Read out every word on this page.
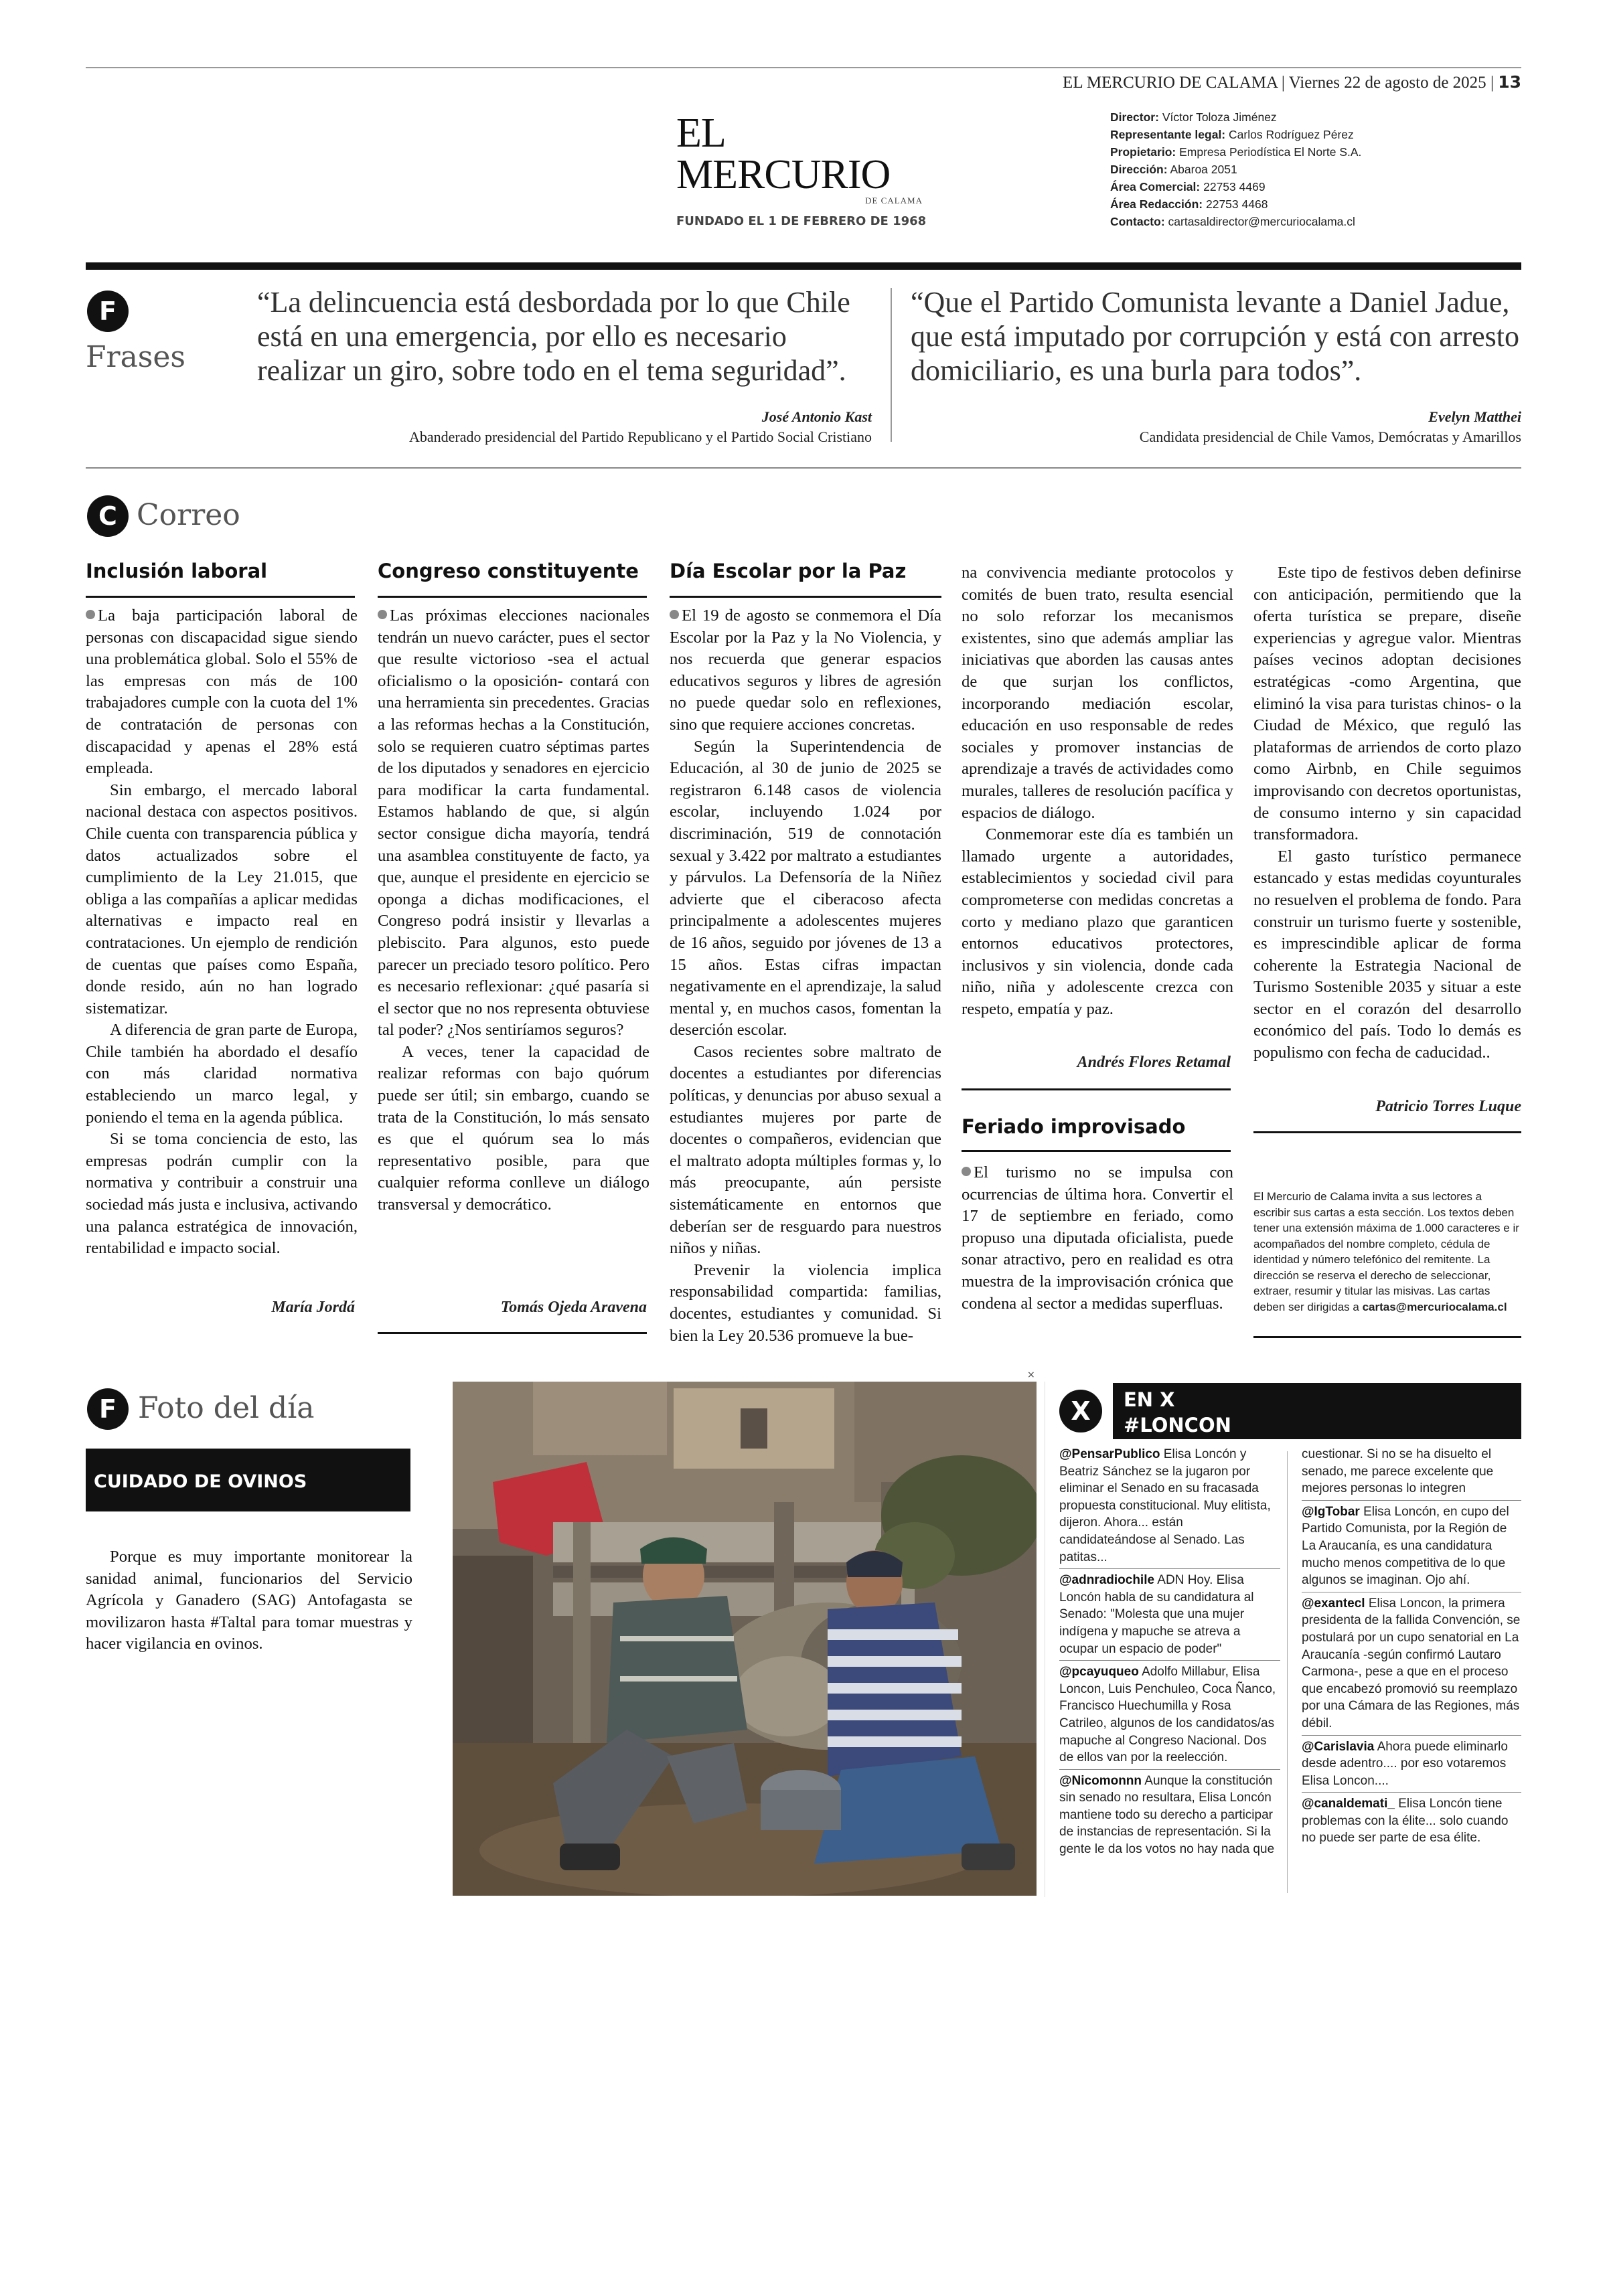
EL MERCURIO DE CALAMA | Viernes 22 de agosto de 2025 | 13
EL MERCURIO
DE CALAMA
FUNDADO EL 1 DE FEBRERO DE 1968
Director: Víctor Toloza Jiménez
Representante legal: Carlos Rodríguez Pérez
Propietario: Empresa Periodística El Norte S.A.
Dirección: Abaroa 2051
Área Comercial: 22753 4469
Área Redacción: 22753 4468
Contacto: cartasaldirector@mercuriocalama.cl
F
Frases
“La delincuencia está desbordada por lo que Chile está en una emergencia, por ello es necesario realizar un giro, sobre todo en el tema seguridad”.
José Antonio Kast
Abanderado presidencial del Partido Republicano y el Partido Social Cristiano
“Que el Partido Comunista levante a Daniel Jadue, que está imputado por corrupción y está con arresto domiciliario, es una burla para todos”.
Evelyn Matthei
Candidata presidencial de Chile Vamos, Demócratas y Amarillos
C Correo
Inclusión laboral

La baja participación laboral de personas con discapacidad sigue siendo una problemática global. Solo el 55% de las empresas con más de 100 trabajadores cumple con la cuota del 1% de contratación de personas con discapacidad y apenas el 28% está empleada.

Sin embargo, el mercado laboral nacional destaca con aspectos positivos. Chile cuenta con transparencia pública y datos actualizados sobre el cumplimiento de la Ley 21.015, que obliga a las compañías a aplicar medidas alternativas e impacto real en contrataciones. Un ejemplo de rendición de cuentas que países como España, donde resido, aún no han logrado sistematizar.

A diferencia de gran parte de Europa, Chile también ha abordado el desafío con más claridad normativa estableciendo un marco legal, y poniendo el tema en la agenda pública.

Si se toma conciencia de esto, las empresas podrán cumplir con la normativa y contribuir a construir una sociedad más justa e inclusiva, activando una palanca estratégica de innovación, rentabilidad e impacto social.

María Jordá
Congreso constituyente

Las próximas elecciones nacionales tendrán un nuevo carácter, pues el sector que resulte victorioso -sea el actual oficialismo o la oposición- contará con una herramienta sin precedentes. Gracias a las reformas hechas a la Constitución, solo se requieren cuatro séptimas partes de los diputados y senadores en ejercicio para modificar la carta fundamental. Estamos hablando de que, si algún sector consigue dicha mayoría, tendrá una asamblea constituyente de facto, ya que, aunque el presidente en ejercicio se oponga a dichas modificaciones, el Congreso podrá insistir y llevarlas a plebiscito. Para algunos, esto puede parecer un preciado tesoro político. Pero es necesario reflexionar: ¿qué pasaría si el sector que no nos representa obtuviese tal poder? ¿Nos sentiríamos seguros?

A veces, tener la capacidad de realizar reformas con bajo quórum puede ser útil; sin embargo, cuando se trata de la Constitución, lo más sensato es que el quórum sea lo más representativo posible, para que cualquier reforma conlleve un diálogo transversal y democrático.

Tomás Ojeda Aravena
Día Escolar por la Paz

El 19 de agosto se conmemora el Día Escolar por la Paz y la No Violencia, y nos recuerda que generar espacios educativos seguros y libres de agresión no puede quedar solo en reflexiones, sino que requiere acciones concretas.

Según la Superintendencia de Educación, al 30 de junio de 2025 se registraron 6.148 casos de violencia escolar, incluyendo 1.024 por discriminación, 519 de connotación sexual y 3.422 por maltrato a estudiantes y párvulos. La Defensoría de la Niñez advierte que el ciberacoso afecta principalmente a adolescentes mujeres de 16 años, seguido por jóvenes de 13 a 15 años. Estas cifras impactan negativamente en el aprendizaje, la salud mental y, en muchos casos, fomentan la deserción escolar.

Casos recientes sobre maltrato de docentes a estudiantes por diferencias políticas, y denuncias por abuso sexual a estudiantes mujeres por parte de docentes o compañeros, evidencian que el maltrato adopta múltiples formas y, lo más preocupante, aún persiste sistemáticamente en entornos que deberían ser de resguardo para nuestros niños y niñas.

Prevenir la violencia implica responsabilidad compartida: familias, docentes, estudiantes y comunidad. Si bien la Ley 20.536 promueve la bue-

na convivencia mediante protocolos y comités de buen trato, resulta esencial no solo reforzar los mecanismos existentes, sino que además ampliar las iniciativas que aborden las causas antes de que surjan los conflictos, incorporando mediación escolar, educación en uso responsable de redes sociales y promover instancias de aprendizaje a través de actividades como murales, talleres de resolución pacífica y espacios de diálogo.

Conmemorar este día es también un llamado urgente a autoridades, establecimientos y sociedad civil para comprometerse con medidas concretas a corto y mediano plazo que garanticen entornos educativos protectores, inclusivos y sin violencia, donde cada niño, niña y adolescente crezca con respeto, empatía y paz.

Andrés Flores Retamal
Feriado improvisado

El turismo no se impulsa con ocurrencias de última hora. Convertir el 17 de septiembre en feriado, como propuso una diputada oficialista, puede sonar atractivo, pero en realidad es otra muestra de la improvisación crónica que condena al sector a medidas superfluas.

Este tipo de festivos deben definirse con anticipación, permitiendo que la oferta turística se prepare, diseñe experiencias y agregue valor. Mientras países vecinos adoptan decisiones estratégicas -como Argentina, que eliminó la visa para turistas chinos- o la Ciudad de México, que reguló las plataformas de arriendos de corto plazo como Airbnb, en Chile seguimos improvisando con decretos oportunistas, de consumo interno y sin capacidad transformadora.

El gasto turístico permanece estancado y estas medidas coyunturales no resuelven el problema de fondo. Para construir un turismo fuerte y sostenible, es imprescindible aplicar de forma coherente la Estrategia Nacional de Turismo Sostenible 2035 y situar a este sector en el corazón del desarrollo económico del país. Todo lo demás es populismo con fecha de caducidad..

Patricio Torres Luque
El Mercurio de Calama invita a sus lectores a escribir sus cartas a esta sección. Los textos deben tener una extensión máxima de 1.000 caracteres e ir acompañados del nombre completo, cédula de identidad y número telefónico del remitente. La dirección se reserva el derecho de seleccionar, extraer, resumir y titular las misivas. Las cartas deben ser dirigidas a cartas@mercuriocalama.cl
F Foto del día
CUIDADO DE OVINOS
Porque es muy importante monitorear la sanidad animal, funcionarios del Servicio Agrícola y Ganadero (SAG) Antofagasta se movilizaron hasta #Taltal para tomar muestras y hacer vigilancia en ovinos.
×
X	EN X
#LONCON
@PensarPublico Elisa Loncón y Beatriz Sánchez se la jugaron por eliminar el Senado en su fracasada propuesta constitucional. Muy elitista, dijeron. Ahora... están candidateándose al Senado. Las patitas...
@adnradiochile ADN Hoy. Elisa Loncón habla de su candidatura al Senado: "Molesta que una mujer indígena y mapuche se atreva a ocupar un espacio de poder"
@pcayuqueo Adolfo Millabur, Elisa Loncon, Luis Penchuleo, Coca Ñanco, Francisco Huechumilla y Rosa Catrileo, algunos de los candidatos/as mapuche al Congreso Nacional. Dos de ellos van por la reelección.
@Nicomonnn Aunque la constitución sin senado no resultara, Elisa Loncón mantiene todo su derecho a participar de instancias de representación. Si la gente le da los votos no hay nada que
cuestionar. Si no se ha disuelto el senado, me parece excelente que mejores personas lo integren
@IgTobar Elisa Loncón, en cupo del Partido Comunista, por la Región de La Araucanía, es una candidatura mucho menos competitiva de lo que algunos se imaginan. Ojo ahí.
@exantecl Elisa Loncon, la primera presidenta de la fallida Convención, se postulará por un cupo senatorial en La Araucanía -según confirmó Lautaro Carmona-, pese a que en el proceso que encabezó promovió su reemplazo por una Cámara de las Regiones, más débil.
@Carislavia Ahora puede eliminarlo desde adentro.... por eso votaremos Elisa Loncon....
@canaldemati_ Elisa Loncón tiene problemas con la élite... solo cuando no puede ser parte de esa élite.
